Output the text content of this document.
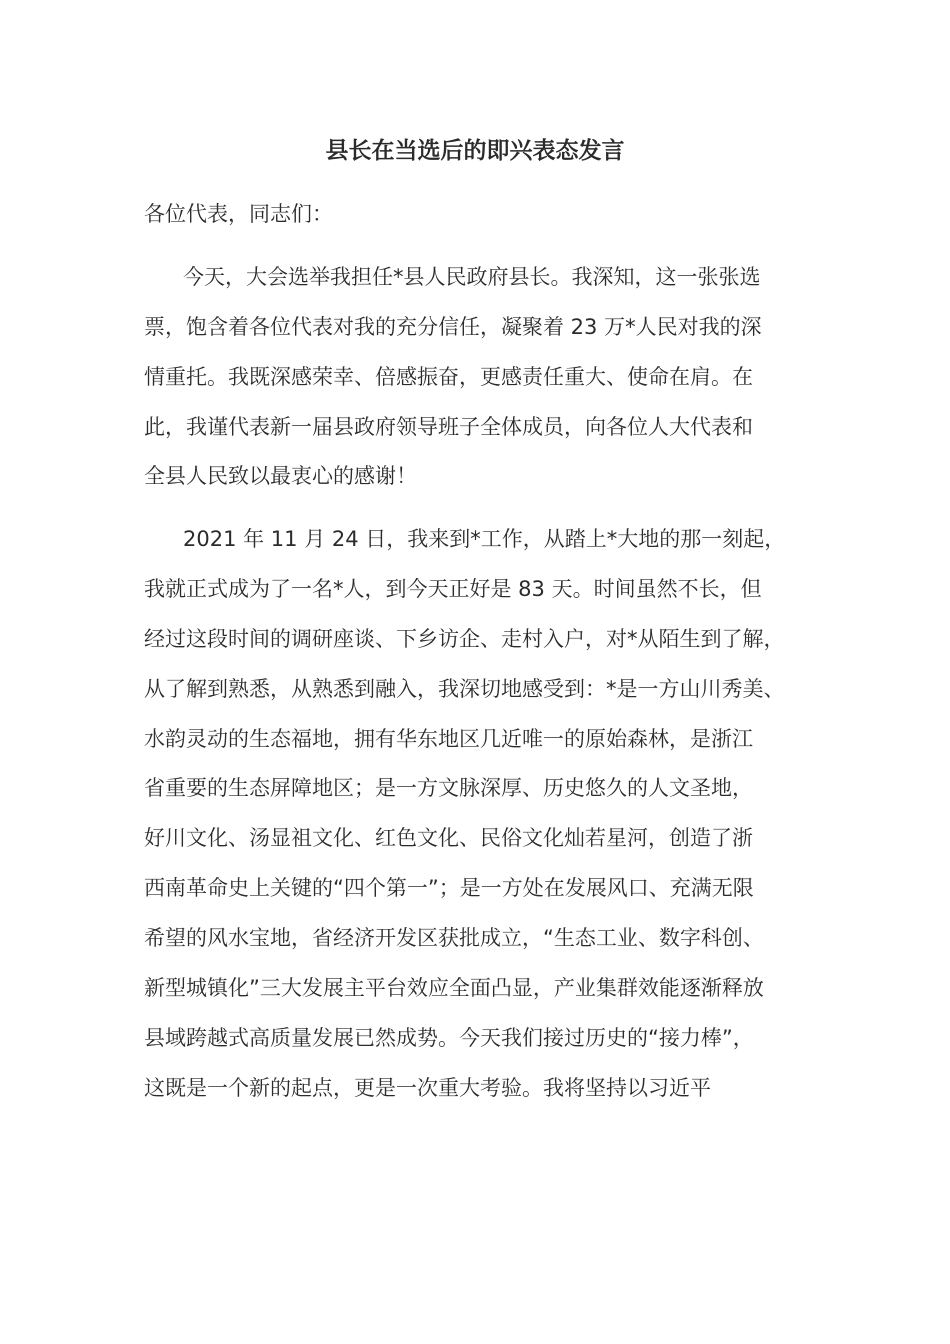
县长在当选后的即兴表态发言

各位代表，同志们：

今天，大会选举我担任*县人民政府县长。我深知，这一张张选

票，饱含着各位代表对我的充分信任，凝聚着 23 万*人民对我的深

情重托。我既深感荣幸、倍感振奋，更感责任重大、使命在肩。在

此，我谨代表新一届县政府领导班子全体成员，向各位人大代表和

全县人民致以最衷心的感谢！

2021 年 11 月 24 日，我来到*工作，从踏上*大地的那一刻起，

我就正式成为了一名*人，到今天正好是 83 天。时间虽然不长，但

经过这段时间的调研座谈、下乡访企、走村入户，对*从陌生到了解，

从了解到熟悉，从熟悉到融入，我深切地感受到：*是一方山川秀美、

水韵灵动的生态福地，拥有华东地区几近唯一的原始森林，是浙江

省重要的生态屏障地区；是一方文脉深厚、历史悠久的人文圣地，

好川文化、汤显祖文化、红色文化、民俗文化灿若星河，创造了浙

西南革命史上关键的“四个第一”；是一方处在发展风口、充满无限

希望的风水宝地，省经济开发区获批成立，“生态工业、数字科创、

新型城镇化”三大发展主平台效应全面凸显，产业集群效能逐渐释放

县域跨越式高质量发展已然成势。今天我们接过历史的“接力棒”，

这既是一个新的起点，更是一次重大考验。我将坚持以习近平
